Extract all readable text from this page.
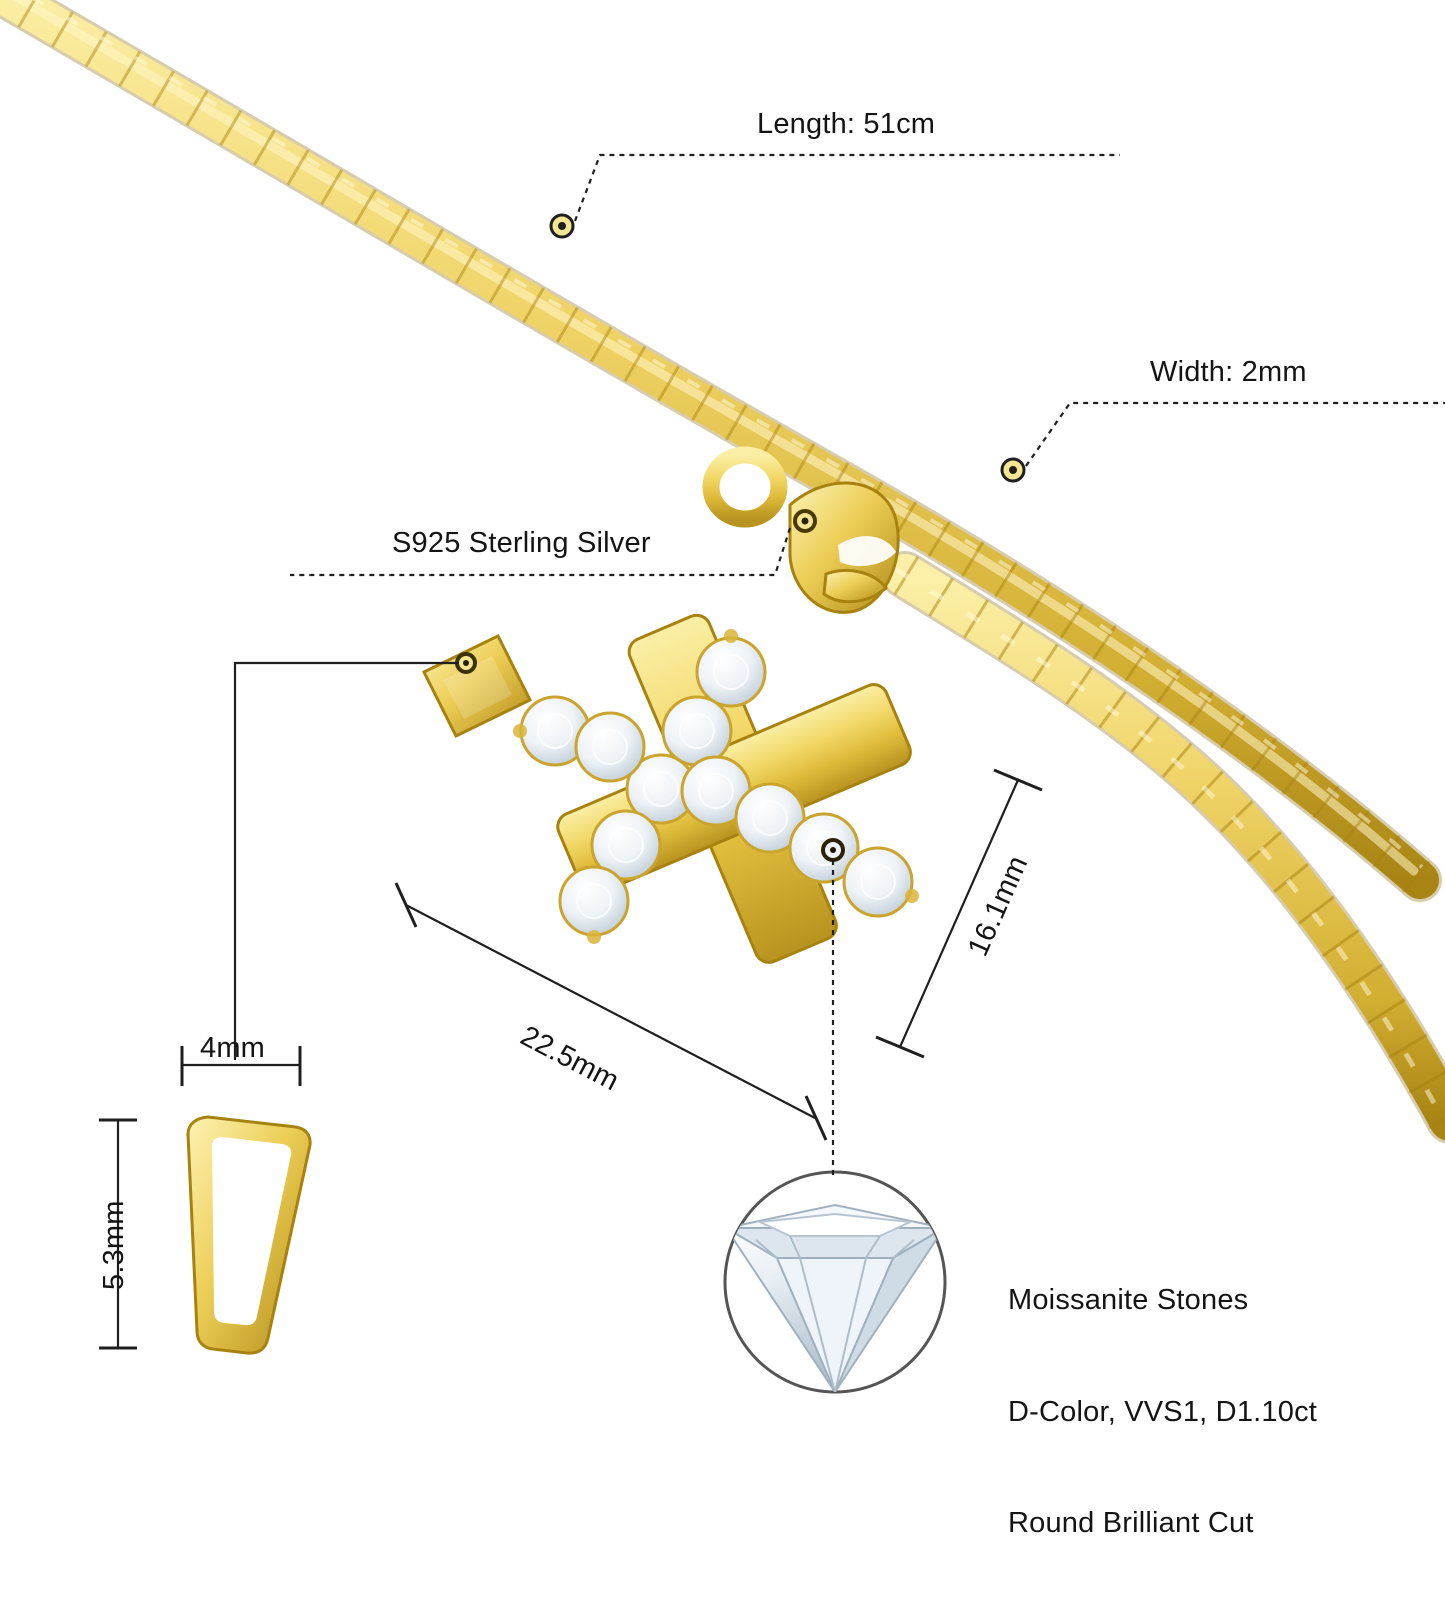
Length: 51cm
Width: 2mm
S925 Sterling Silver
22.5mm
16.1mm
4mm
5.3mm

Moissanite Stones

D-Color, VVS1, D1.10ct

Round Brilliant Cut
